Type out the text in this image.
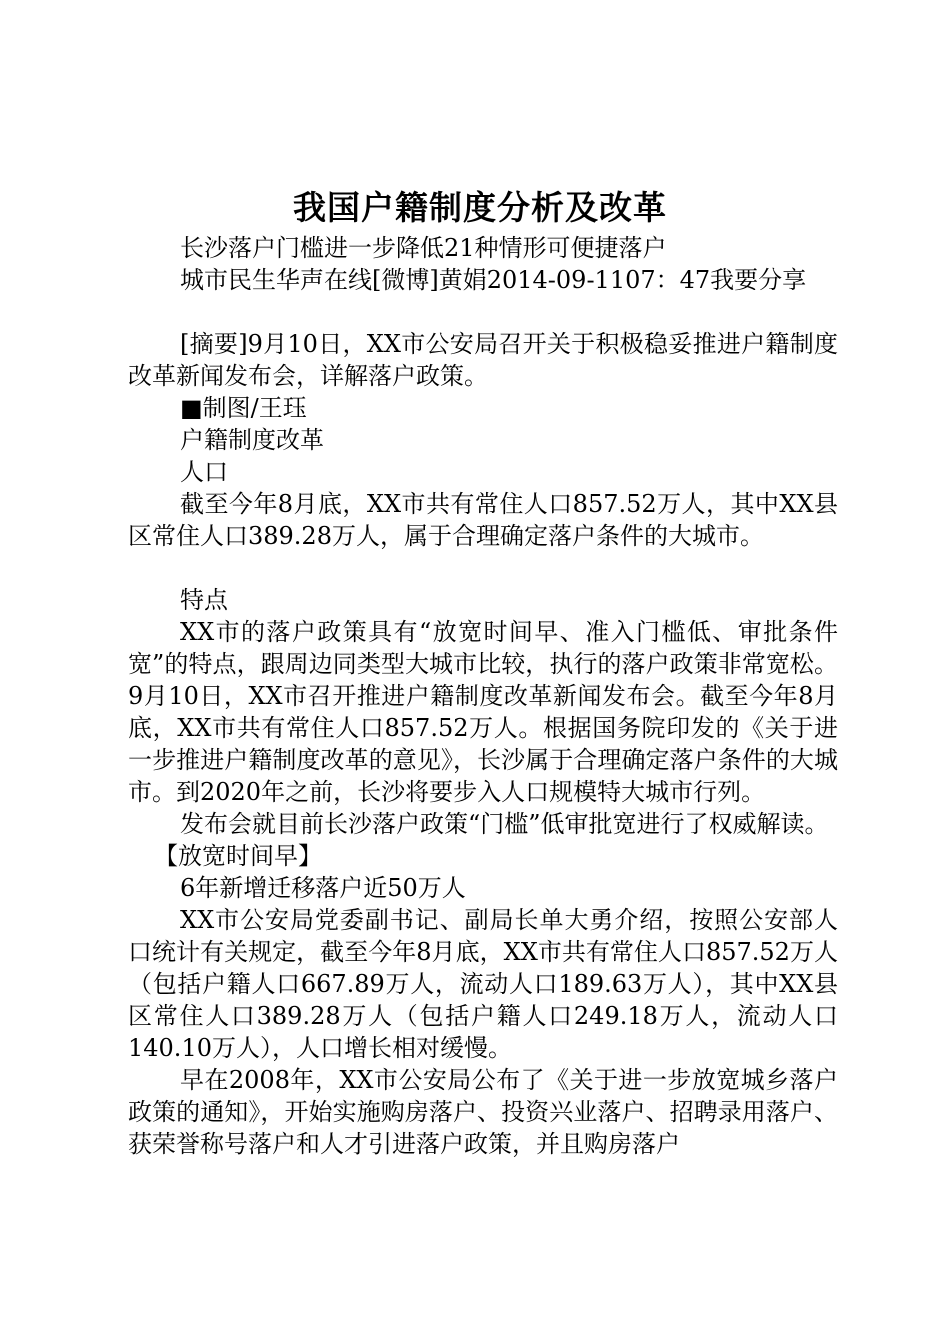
我国户籍制度分析及改革
长沙落户门槛进一步降低21种情形可便捷落户
城市民生华声在线[微博]黄娟2014-09-1107：47我要分享
[摘要]9月10日，XX市公安局召开关于积极稳妥推进户籍制度改革新闻发布会，详解落户政策。
■制图/王珏
户籍制度改革
人口
截至今年8月底，XX市共有常住人口857.52万人，其中XX县区常住人口389.28万人，属于合理确定落户条件的大城市。
特点
XX市的落户政策具有“放宽时间早、准入门槛低、审批条件宽”的特点，跟周边同类型大城市比较，执行的落户政策非常宽松。9月10日，XX市召开推进户籍制度改革新闻发布会。截至今年8月底，XX市共有常住人口857.52万人。根据国务院印发的《关于进一步推进户籍制度改革的意见》，长沙属于合理确定落户条件的大城市。到2020年之前，长沙将要步入人口规模特大城市行列。
发布会就目前长沙落户政策“门槛”低审批宽进行了权威解读。
【放宽时间早】
6年新增迁移落户近50万人
XX市公安局党委副书记、副局长单大勇介绍，按照公安部人口统计有关规定，截至今年8月底，XX市共有常住人口857.52万人（包括户籍人口667.89万人，流动人口189.63万人），其中XX县区常住人口389.28万人（包括户籍人口249.18万人，流动人口140.10万人），人口增长相对缓慢。
早在2008年，XX市公安局公布了《关于进一步放宽城乡落户政策的通知》，开始实施购房落户、投资兴业落户、招聘录用落户、获荣誉称号落户和人才引进落户政策，并且购房落户
